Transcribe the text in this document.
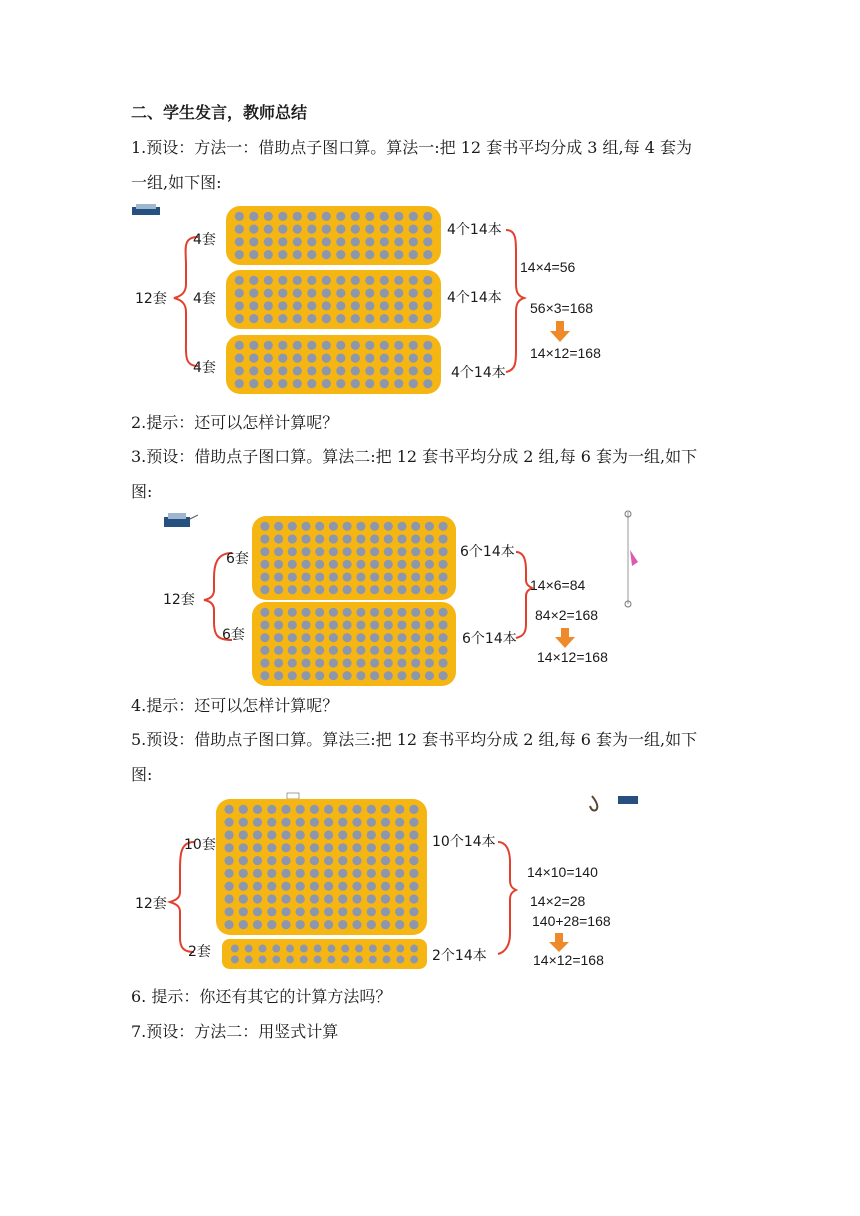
二、学生发言，教师总结
1.预设：方法一：借助点子图口算。算法一:把 12 套书平均分成 3 组,每 4 套为
一组,如下图:
2.提示：还可以怎样计算呢？
3.预设：借助点子图口算。算法二:把 12 套书平均分成 2 组,每 6 套为一组,如下
图:
4.提示：还可以怎样计算呢？
5.预设：借助点子图口算。算法三:把 12 套书平均分成 2 组,每 6 套为一组,如下
图:
6. 提示：你还有其它的计算方法吗？
7.预设：方法二：用竖式计算
12套
4套
4套
4套
4个14本
4个14本
4个14本
14×4=56
56×3=168
14×12=168
12套
6套
6套
6个14本
6个14本
14×6=84
84×2=168
14×12=168
12套
10套
2套
10个14本
2个14本
14×10=140
14×2=28
140+28=168
14×12=168
